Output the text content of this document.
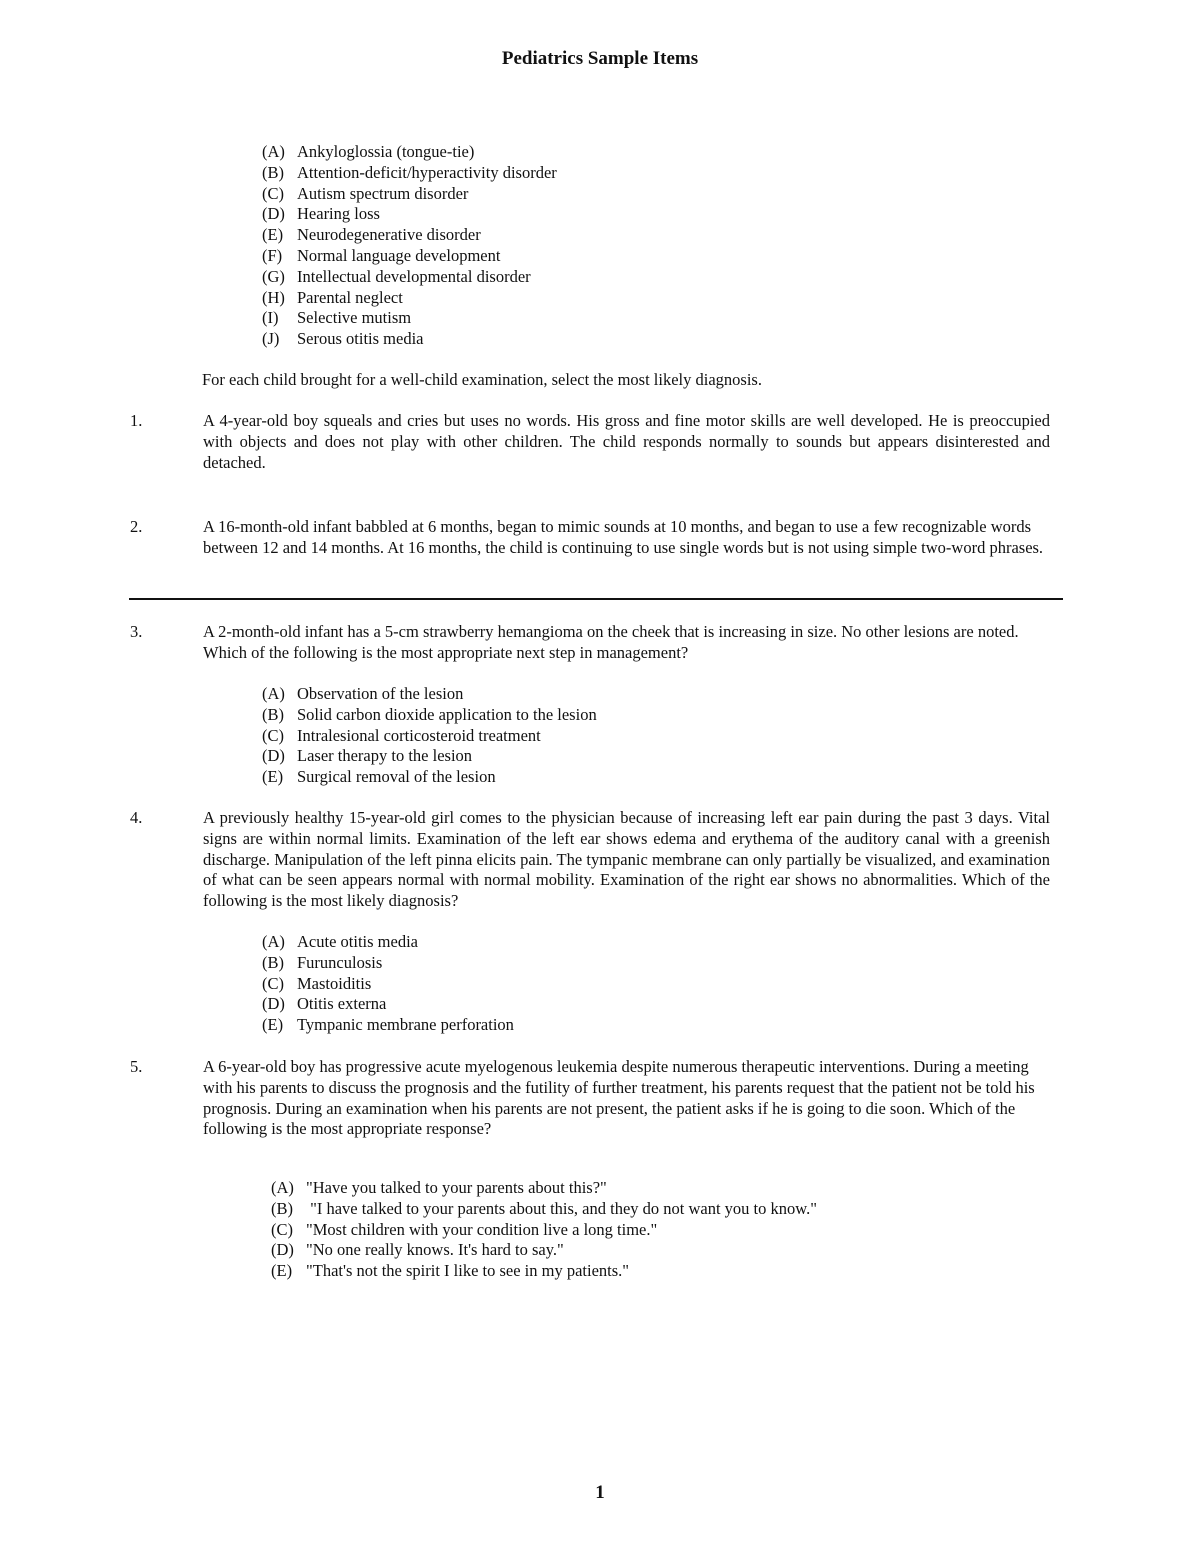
Pediatrics Sample Items
(A) Ankyloglossia (tongue-tie)
(B) Attention-deficit/hyperactivity disorder
(C) Autism spectrum disorder
(D) Hearing loss
(E) Neurodegenerative disorder
(F) Normal language development
(G) Intellectual developmental disorder
(H) Parental neglect
(I)	Selective mutism
(J)	Serous otitis media
For each child brought for a well-child examination, select the most likely diagnosis.
1.	A 4-year-old boy squeals and cries but uses no words. His gross and fine motor skills are well developed. He is preoccupied with objects and does not play with other children. The child responds normally to sounds but appears disinterested and detached.
2.	A 16-month-old infant babbled at 6 months, began to mimic sounds at 10 months, and began to use a few recognizable words between 12 and 14 months. At 16 months, the child is continuing to use single words but is not using simple two-word phrases.
3.	A 2-month-old infant has a 5-cm strawberry hemangioma on the cheek that is increasing in size. No other lesions are noted. Which of the following is the most appropriate next step in management?
(A) Observation of the lesion
(B) Solid carbon dioxide application to the lesion
(C) Intralesional corticosteroid treatment
(D) Laser therapy to the lesion
(E) Surgical removal of the lesion
4.	A previously healthy 15-year-old girl comes to the physician because of increasing left ear pain during the past 3 days. Vital signs are within normal limits. Examination of the left ear shows edema and erythema of the auditory canal with a greenish discharge. Manipulation of the left pinna elicits pain. The tympanic membrane can only partially be visualized, and examination of what can be seen appears normal with normal mobility. Examination of the right ear shows no abnormalities. Which of the following is the most likely diagnosis?
(A) Acute otitis media
(B) Furunculosis
(C) Mastoiditis
(D) Otitis externa
(E) Tympanic membrane perforation
5.	A 6-year-old boy has progressive acute myelogenous leukemia despite numerous therapeutic interventions. During a meeting with his parents to discuss the prognosis and the futility of further treatment, his parents request that the patient not be told his prognosis. During an examination when his parents are not present, the patient asks if he is going to die soon. Which of the following is the most appropriate response?
(A) "Have you talked to your parents about this?"
(B) "I have talked to your parents about this, and they do not want you to know."
(C) "Most children with your condition live a long time."
(D) "No one really knows. It's hard to say."
(E) "That's not the spirit I like to see in my patients."
1
